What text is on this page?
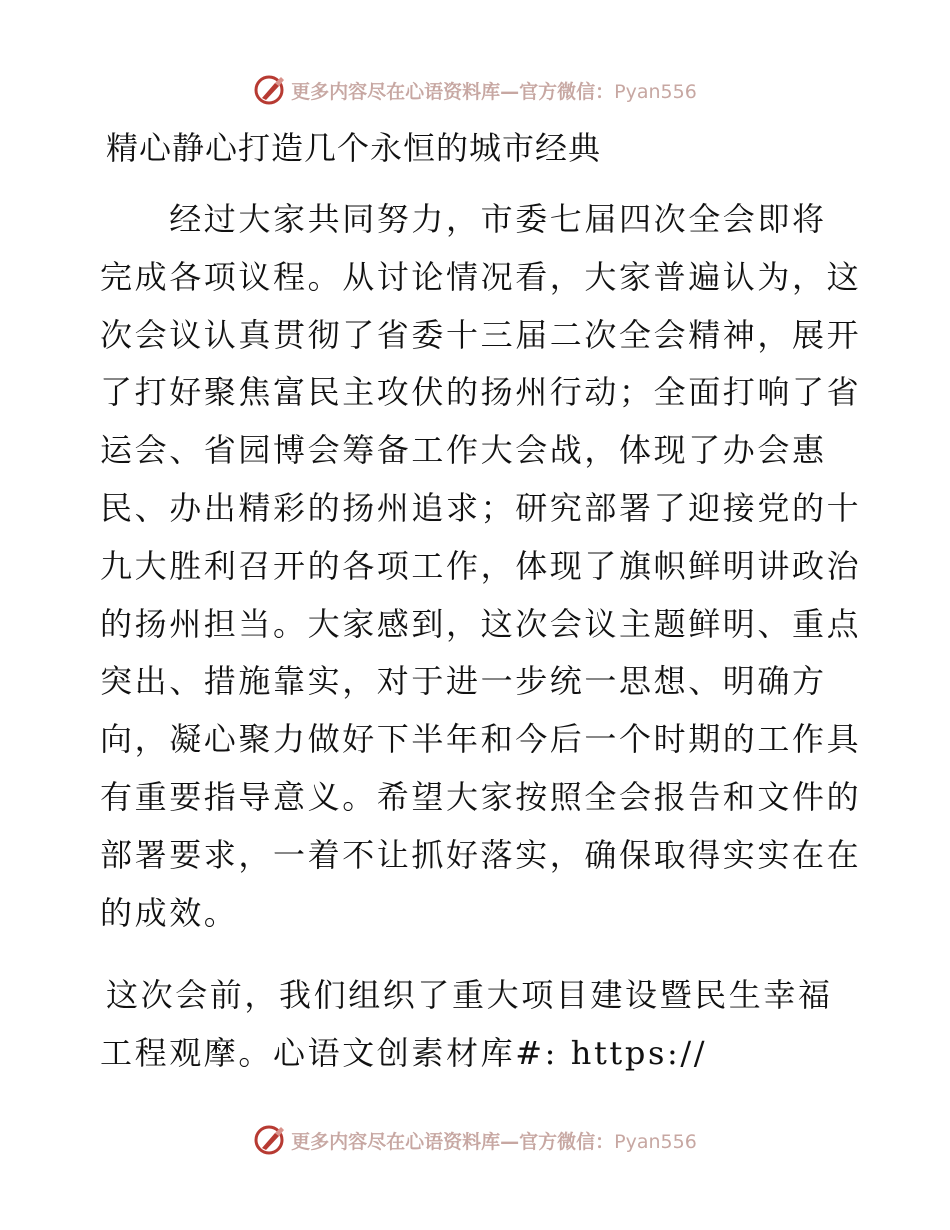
更多内容尽在心语资料库—官方微信：Pyan556
精心静心打造几个永恒的城市经典
　　经过大家共同努力，市委七届四次全会即将
完成各项议程。从讨论情况看，大家普遍认为，这
次会议认真贯彻了省委十三届二次全会精神，展开
了打好聚焦富民主攻伏的扬州行动；全面打响了省
运会、省园博会筹备工作大会战，体现了办会惠
民、办出精彩的扬州追求；研究部署了迎接党的十
九大胜利召开的各项工作，体现了旗帜鲜明讲政治
的扬州担当。大家感到，这次会议主题鲜明、重点
突出、措施靠实，对于进一步统一思想、明确方
向，凝心聚力做好下半年和今后一个时期的工作具
有重要指导意义。希望大家按照全会报告和文件的
部署要求，一着不让抓好落实，确保取得实实在在
的成效。
这次会前，我们组织了重大项目建设暨民生幸福
工程观摩。心语文创素材库#: https://
更多内容尽在心语资料库—官方微信：Pyan556
